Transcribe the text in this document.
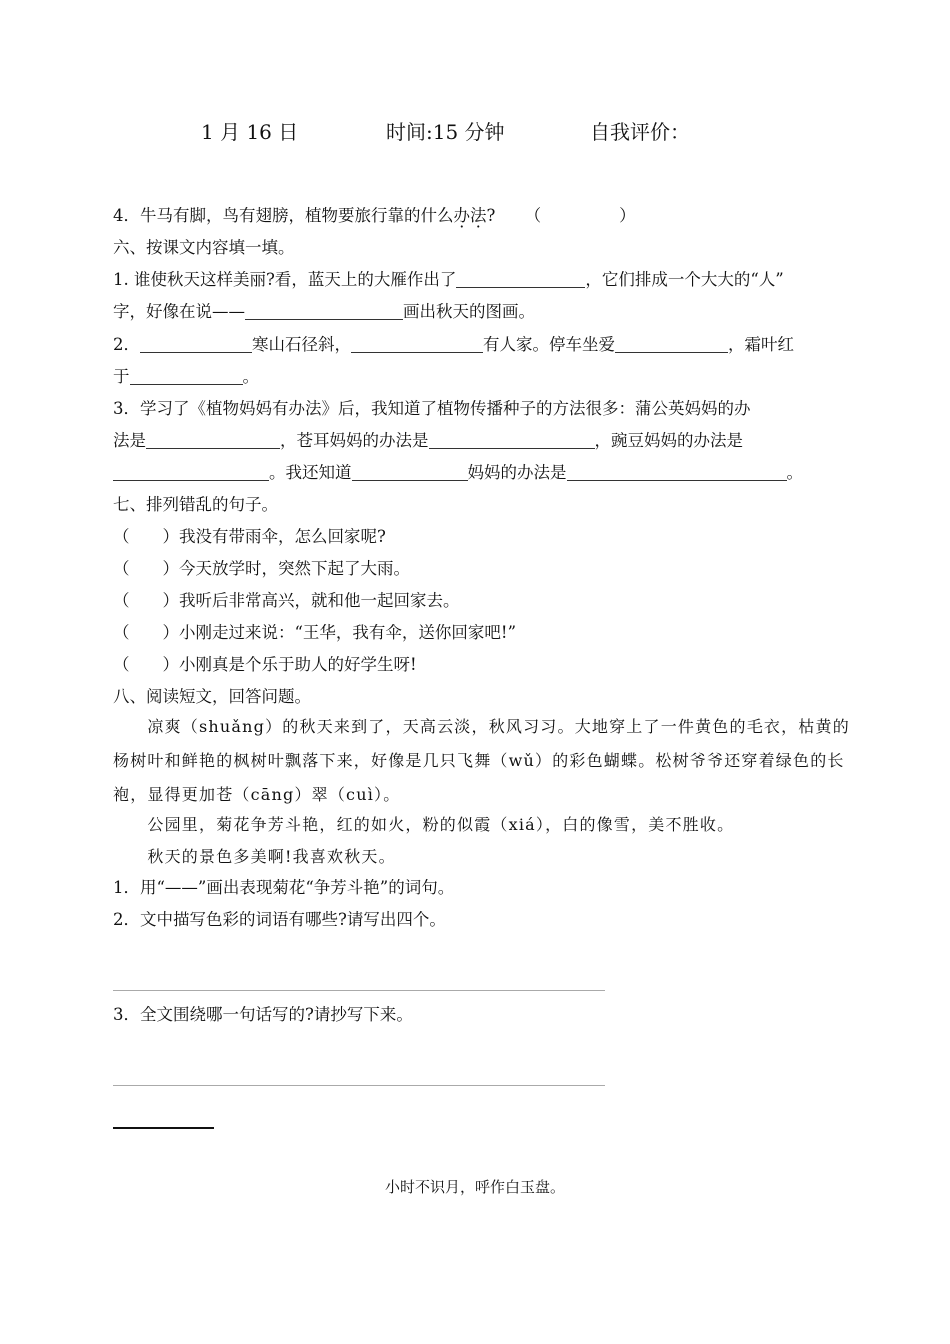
1 月 16 日	时间:15 分钟	自我评价：
4．牛马有脚，鸟有翅膀，植物要旅行靠的什么办法? （	）
六、按课文内容填一填。
1. 谁使秋天这样美丽?看，蓝天上的大雁作出了	，它们排成一个大大的“人”
字，好像在说——	画出秋天的图画。
2．	寒山石径斜，	有人家。停车坐爱	，霜叶红
于	。
3．学习了《植物妈妈有办法》后，我知道了植物传播种子的方法很多：蒲公英妈妈的办
法是	，苍耳妈妈的办法是	，豌豆妈妈的办法是
。我还知道	妈妈的办法是	。
七、排列错乱的句子。
（　　）我没有带雨伞，怎么回家呢?
（　　）今天放学时，突然下起了大雨。
（　　）我听后非常高兴，就和他一起回家去。
（　　）小刚走过来说：“王华，我有伞，送你回家吧!”
（　　）小刚真是个乐于助人的好学生呀!
八、阅读短文，回答问题。
　　凉爽（shuǎng）的秋天来到了，天高云淡，秋风习习。大地穿上了一件黄色的毛衣，枯黄的杨树叶和鲜艳的枫树叶飘落下来，好像是几只飞舞（wǔ）的彩色蝴蝶。松树爷爷还穿着绿色的长袍，显得更加苍（cāng）翠（cuì）。
　　公园里，菊花争芳斗艳，红的如火，粉的似霞（xiá），白的像雪，美不胜收。
　　秋天的景色多美啊!我喜欢秋天。
1．用“——”画出表现菊花“争芳斗艳”的词句。
2．文中描写色彩的词语有哪些?请写出四个。
3．全文围绕哪一句话写的?请抄写下来。
小时不识月，呼作白玉盘。
